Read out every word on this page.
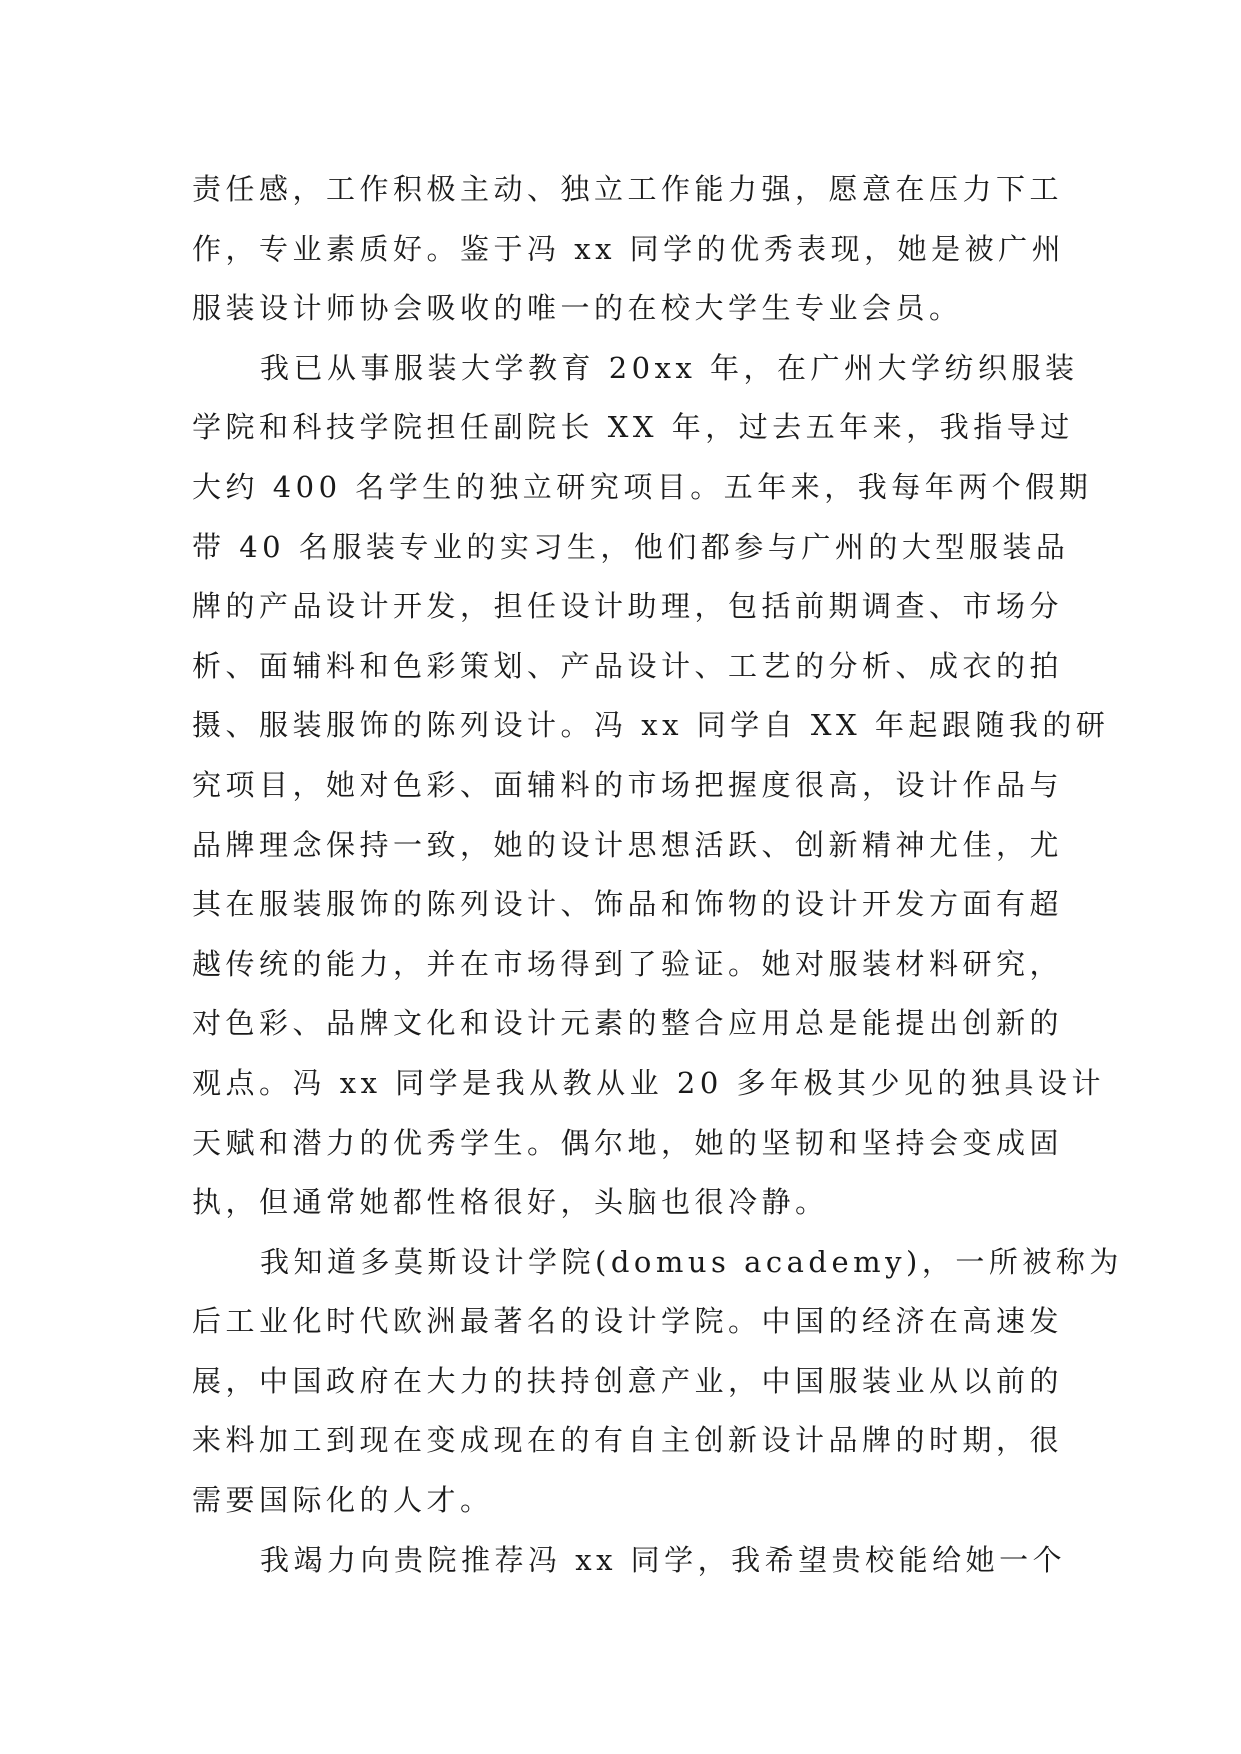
责任感，工作积极主动、独立工作能力强，愿意在压力下工
作，专业素质好。鉴于冯 xx 同学的优秀表现，她是被广州
服装设计师协会吸收的唯一的在校大学生专业会员。
我已从事服装大学教育 20xx 年，在广州大学纺织服装
学院和科技学院担任副院长 XX 年，过去五年来，我指导过
大约 400 名学生的独立研究项目。五年来，我每年两个假期
带 40 名服装专业的实习生，他们都参与广州的大型服装品
牌的产品设计开发，担任设计助理，包括前期调查、市场分
析、面辅料和色彩策划、产品设计、工艺的分析、成衣的拍
摄、服装服饰的陈列设计。冯 xx 同学自 XX 年起跟随我的研
究项目，她对色彩、面辅料的市场把握度很高，设计作品与
品牌理念保持一致，她的设计思想活跃、创新精神尤佳，尤
其在服装服饰的陈列设计、饰品和饰物的设计开发方面有超
越传统的能力，并在市场得到了验证。她对服装材料研究，
对色彩、品牌文化和设计元素的整合应用总是能提出创新的
观点。冯 xx 同学是我从教从业 20 多年极其少见的独具设计
天赋和潜力的优秀学生。偶尔地，她的坚韧和坚持会变成固
执，但通常她都性格很好，头脑也很冷静。
我知道多莫斯设计学院(domus academy)，一所被称为
后工业化时代欧洲最著名的设计学院。中国的经济在高速发
展，中国政府在大力的扶持创意产业，中国服装业从以前的
来料加工到现在变成现在的有自主创新设计品牌的时期，很
需要国际化的人才。
我竭力向贵院推荐冯 xx 同学，我希望贵校能给她一个
